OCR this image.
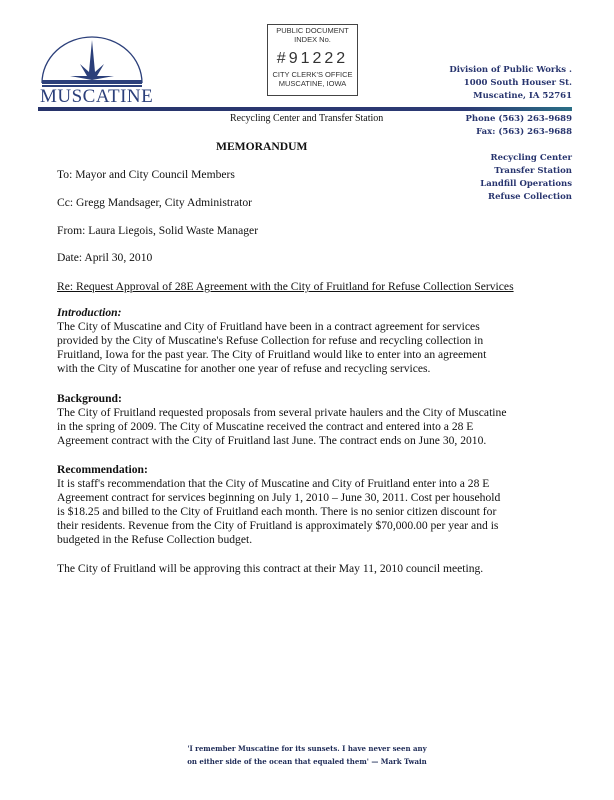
MUSCATINE
PUBLIC DOCUMENT
INDEX No.
#91222
CITY CLERK'S OFFICE
MUSCATINE, IOWA
Division of Public Works .
1000 South Houser St.
Muscatine, IA 52761
Recycling Center and Transfer Station	Phone (563) 263-9689
Fax: (563) 263-9688
Recycling Center
Transfer Station
Landfill Operations
Refuse Collection
MEMORANDUM
To: Mayor and City Council Members
Cc: Gregg Mandsager, City Administrator
From: Laura Liegois, Solid Waste Manager
Date: April 30, 2010
Re: Request Approval of 28E Agreement with the City of Fruitland for Refuse Collection Services
Introduction:
The City of Muscatine and City of Fruitland have been in a contract agreement for services
provided by the City of Muscatine's Refuse Collection for refuse and recycling collection in
Fruitland, Iowa for the past year. The City of Fruitland would like to enter into an agreement
with the City of Muscatine for another one year of refuse and recycling services.
Background:
The City of Fruitland requested proposals from several private haulers and the City of Muscatine
in the spring of 2009. The City of Muscatine received the contract and entered into a 28 E
Agreement contract with the City of Fruitland last June. The contract ends on June 30, 2010.
Recommendation:
It is staff's recommendation that the City of Muscatine and City of Fruitland enter into a 28 E
Agreement contract for services beginning on July 1, 2010 – June 30, 2011. Cost per household
is $18.25 and billed to the City of Fruitland each month. There is no senior citizen discount for
their residents. Revenue from the City of Fruitland is approximately $70,000.00 per year and is
budgeted in the Refuse Collection budget.
The City of Fruitland will be approving this contract at their May 11, 2010 council meeting.
'I remember Muscatine for its sunsets. I have never seen any
on either side of the ocean that equaled them' — Mark Twain
